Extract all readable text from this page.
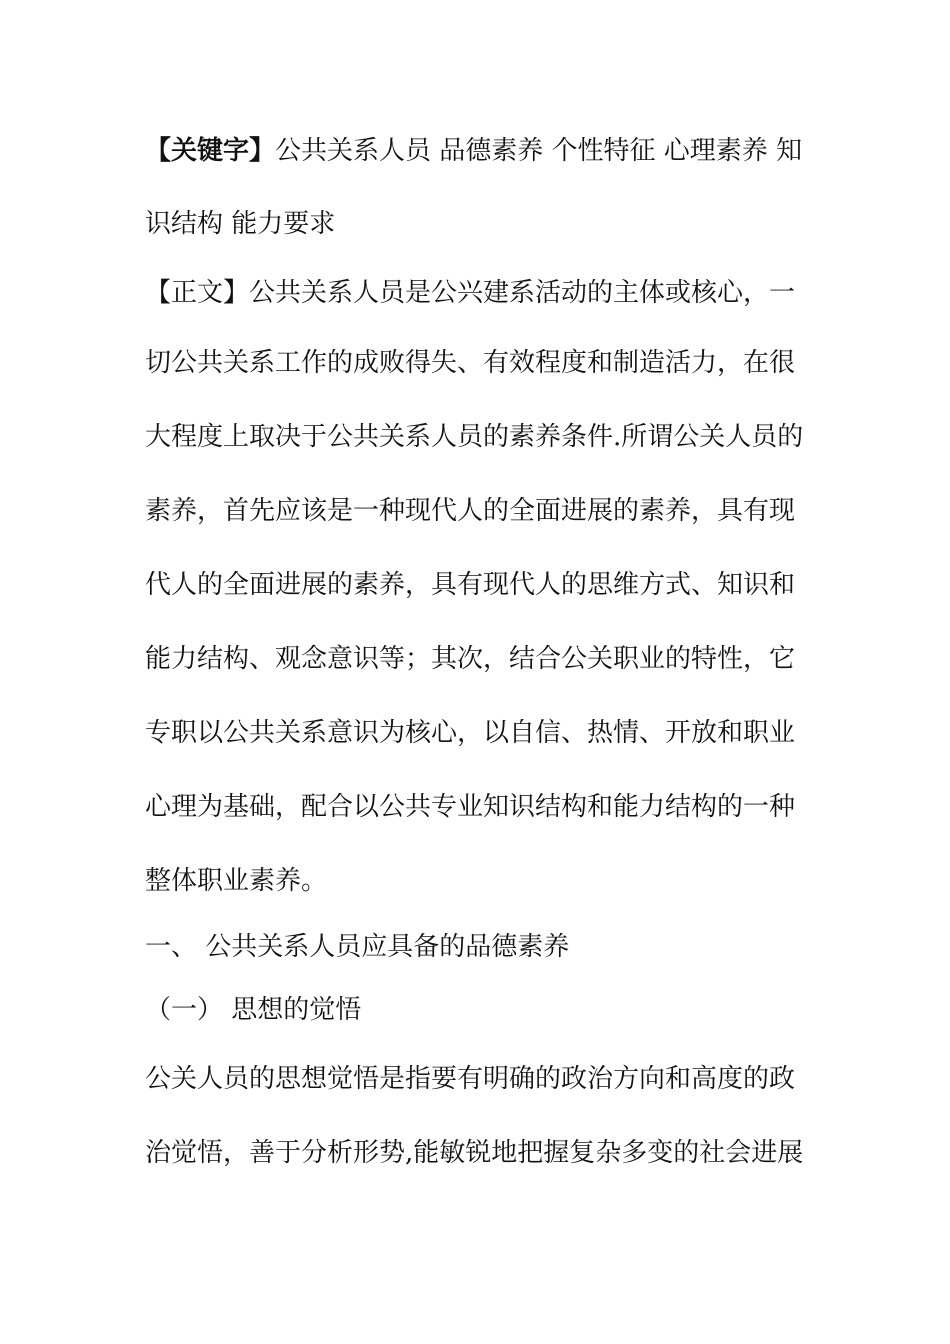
【关键字】公共关系人员 品德素养 个性特征 心理素养 知
识结构 能力要求
【正文】公共关系人员是公兴建系活动的主体或核心，一
切公共关系工作的成败得失、有效程度和制造活力，在很
大程度上取决于公共关系人员的素养条件.所谓公关人员的
素养，首先应该是一种现代人的全面进展的素养，具有现
代人的全面进展的素养，具有现代人的思维方式、知识和
能力结构、观念意识等；其次，结合公关职业的特性，它
专职以公共关系意识为核心，以自信、热情、开放和职业
心理为基础，配合以公共专业知识结构和能力结构的一种
整体职业素养。
一、 公共关系人员应具备的品德素养
（一） 思想的觉悟
公关人员的思想觉悟是指要有明确的政治方向和高度的政
治觉悟，善于分析形势,能敏锐地把握复杂多变的社会进展
